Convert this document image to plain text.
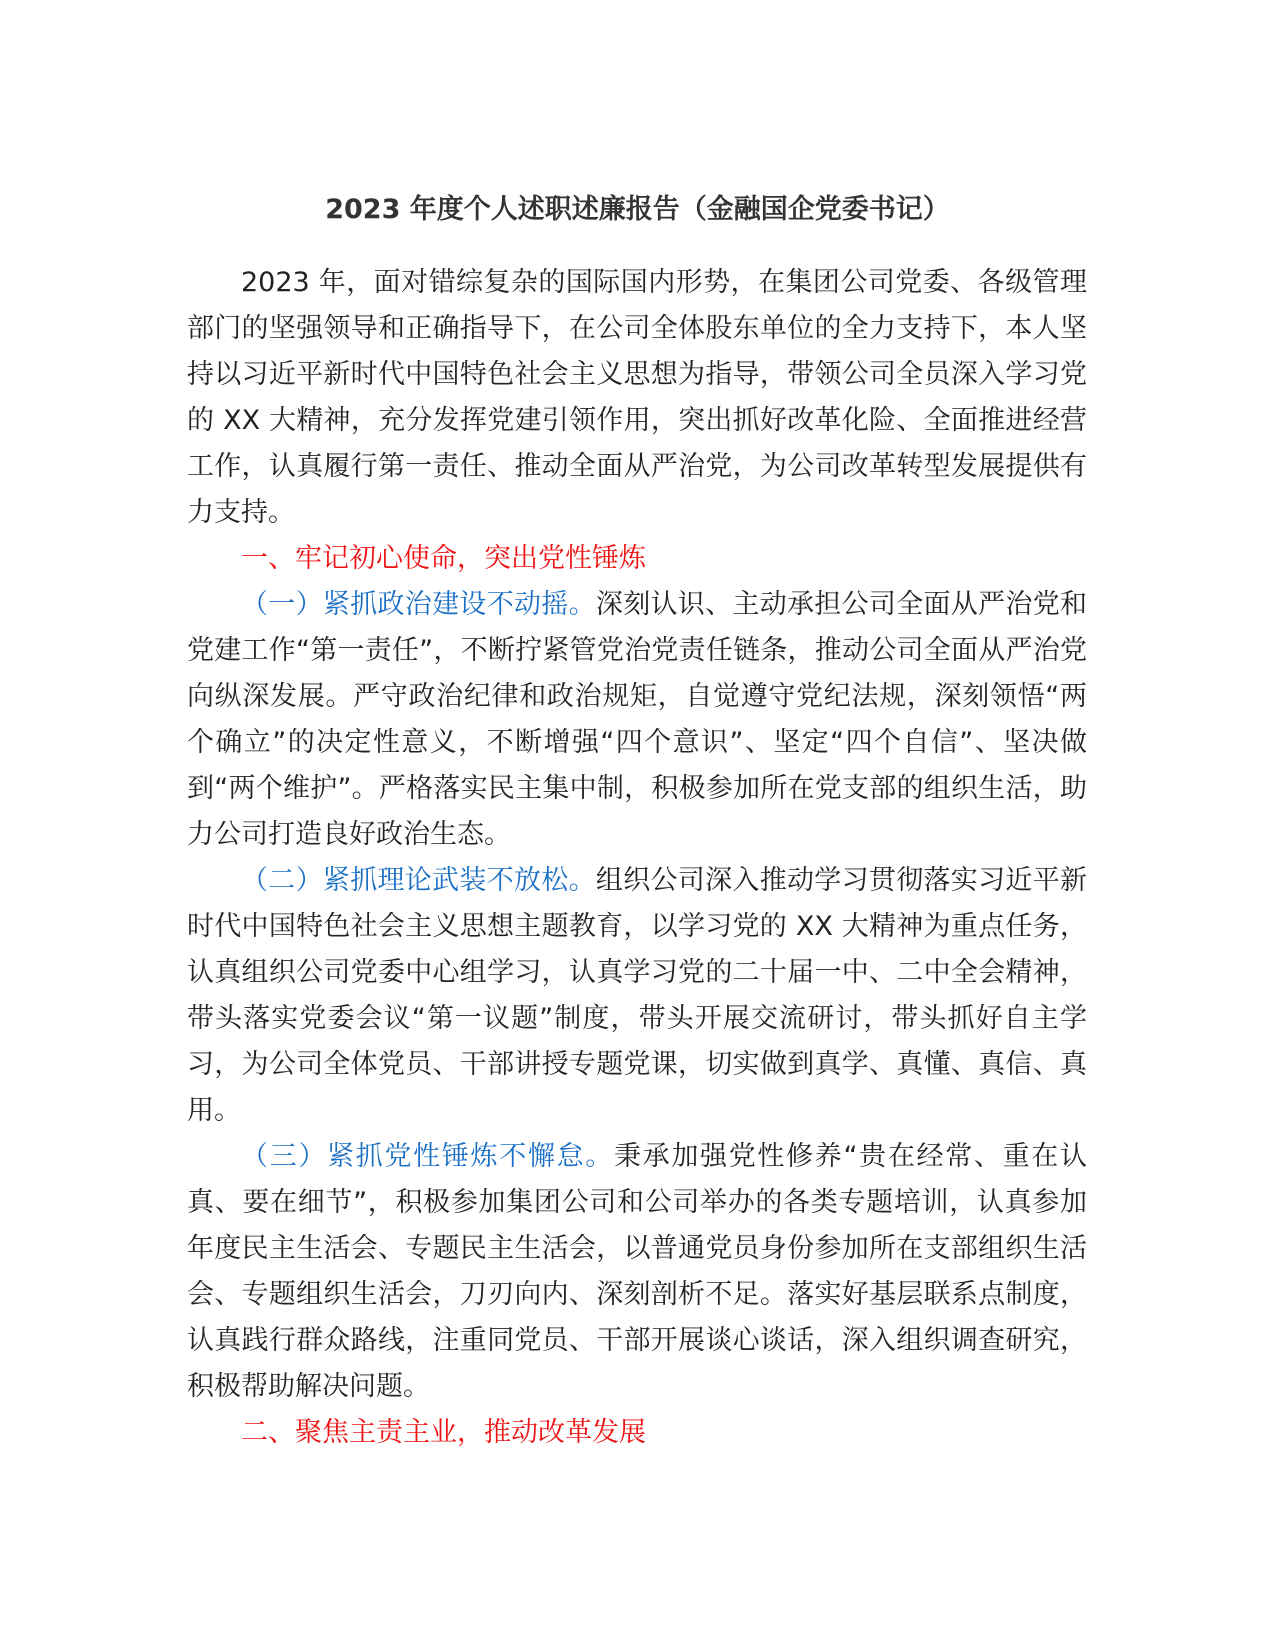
2023 年度个人述职述廉报告（金融国企党委书记）

2023 年，面对错综复杂的国际国内形势，在集团公司党委、各级管理部门的坚强领导和正确指导下，在公司全体股东单位的全力支持下，本人坚持以习近平新时代中国特色社会主义思想为指导，带领公司全员深入学习党的 XX 大精神，充分发挥党建引领作用，突出抓好改革化险、全面推进经营工作，认真履行第一责任、推动全面从严治党，为公司改革转型发展提供有力支持。

一、牢记初心使命，突出党性锤炼

（一）紧抓政治建设不动摇。深刻认识、主动承担公司全面从严治党和党建工作“第一责任”，不断拧紧管党治党责任链条，推动公司全面从严治党向纵深发展。严守政治纪律和政治规矩，自觉遵守党纪法规，深刻领悟“两个确立”的决定性意义，不断增强“四个意识”、坚定“四个自信”、坚决做到“两个维护”。严格落实民主集中制，积极参加所在党支部的组织生活，助力公司打造良好政治生态。

（二）紧抓理论武装不放松。组织公司深入推动学习贯彻落实习近平新时代中国特色社会主义思想主题教育，以学习党的 XX 大精神为重点任务，认真组织公司党委中心组学习，认真学习党的二十届一中、二中全会精神，带头落实党委会议“第一议题”制度，带头开展交流研讨，带头抓好自主学习，为公司全体党员、干部讲授专题党课，切实做到真学、真懂、真信、真用。

（三）紧抓党性锤炼不懈怠。秉承加强党性修养“贵在经常、重在认真、要在细节”，积极参加集团公司和公司举办的各类专题培训，认真参加年度民主生活会、专题民主生活会，以普通党员身份参加所在支部组织生活会、专题组织生活会，刀刃向内、深刻剖析不足。落实好基层联系点制度，认真践行群众路线，注重同党员、干部开展谈心谈话，深入组织调查研究，积极帮助解决问题。

二、聚焦主责主业，推动改革发展
